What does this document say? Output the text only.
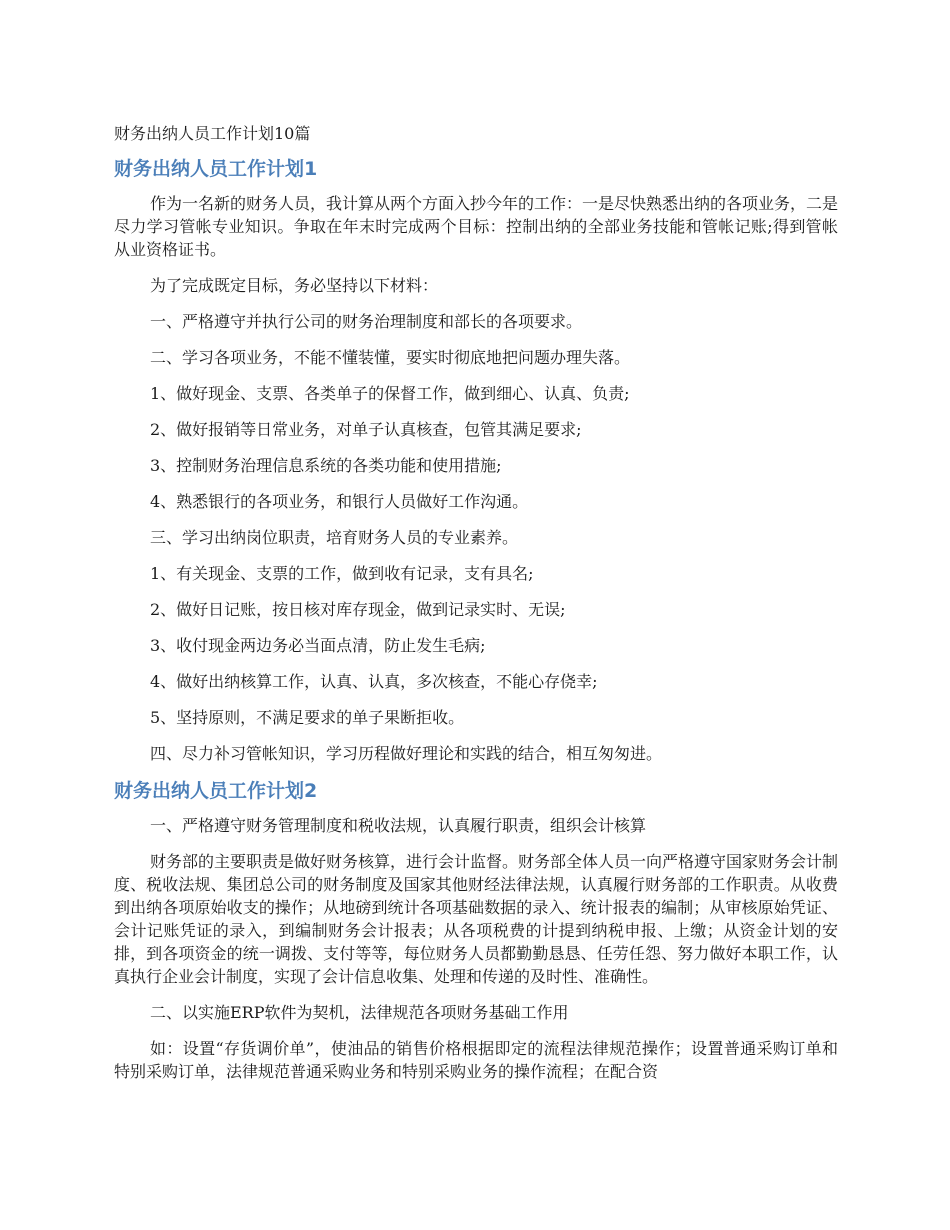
财务出纳人员工作计划10篇
财务出纳人员工作计划1

作为一名新的财务人员，我计算从两个方面入抄今年的工作：一是尽快熟悉出纳的各项业务，二是尽力学习管帐专业知识。争取在年末时完成两个目标：控制出纳的全部业务技能和管帐记账;得到管帐从业资格证书。

为了完成既定目标，务必坚持以下材料：

一、严格遵守并执行公司的财务治理制度和部长的各项要求。

二、学习各项业务，不能不懂装懂，要实时彻底地把问题办理失落。

1、做好现金、支票、各类单子的保督工作，做到细心、认真、负责;

2、做好报销等日常业务，对单子认真核查，包管其满足要求;

3、控制财务治理信息系统的各类功能和使用措施;

4、熟悉银行的各项业务，和银行人员做好工作沟通。

三、学习出纳岗位职责，培育财务人员的专业素养。

1、有关现金、支票的工作，做到收有记录，支有具名;

2、做好日记账，按日核对库存现金，做到记录实时、无误;

3、收付现金两边务必当面点清，防止发生毛病;

4、做好出纳核算工作，认真、认真，多次核查，不能心存侥幸;

5、坚持原则，不满足要求的单子果断拒收。

四、尽力补习管帐知识，学习历程做好理论和实践的结合，相互匆匆进。

财务出纳人员工作计划2

一、严格遵守财务管理制度和税收法规，认真履行职责，组织会计核算

财务部的主要职责是做好财务核算，进行会计监督。财务部全体人员一向严格遵守国家财务会计制度、税收法规、集团总公司的财务制度及国家其他财经法律法规，认真履行财务部的工作职责。从收费到出纳各项原始收支的操作；从地磅到统计各项基础数据的录入、统计报表的编制；从审核原始凭证、会计记账凭证的录入，到编制财务会计报表；从各项税费的计提到纳税申报、上缴；从资金计划的安排，到各项资金的统一调拨、支付等等，每位财务人员都勤勤恳恳、任劳任怨、努力做好本职工作，认真执行企业会计制度，实现了会计信息收集、处理和传递的及时性、准确性。

二、以实施ERP软件为契机，法律规范各项财务基础工作用

如：设置“存货调价单”，使油品的销售价格根据即定的流程法律规范操作；设置普通采购订单和特别采购订单，法律规范普通采购业务和特别采购业务的操作流程；在配合资
